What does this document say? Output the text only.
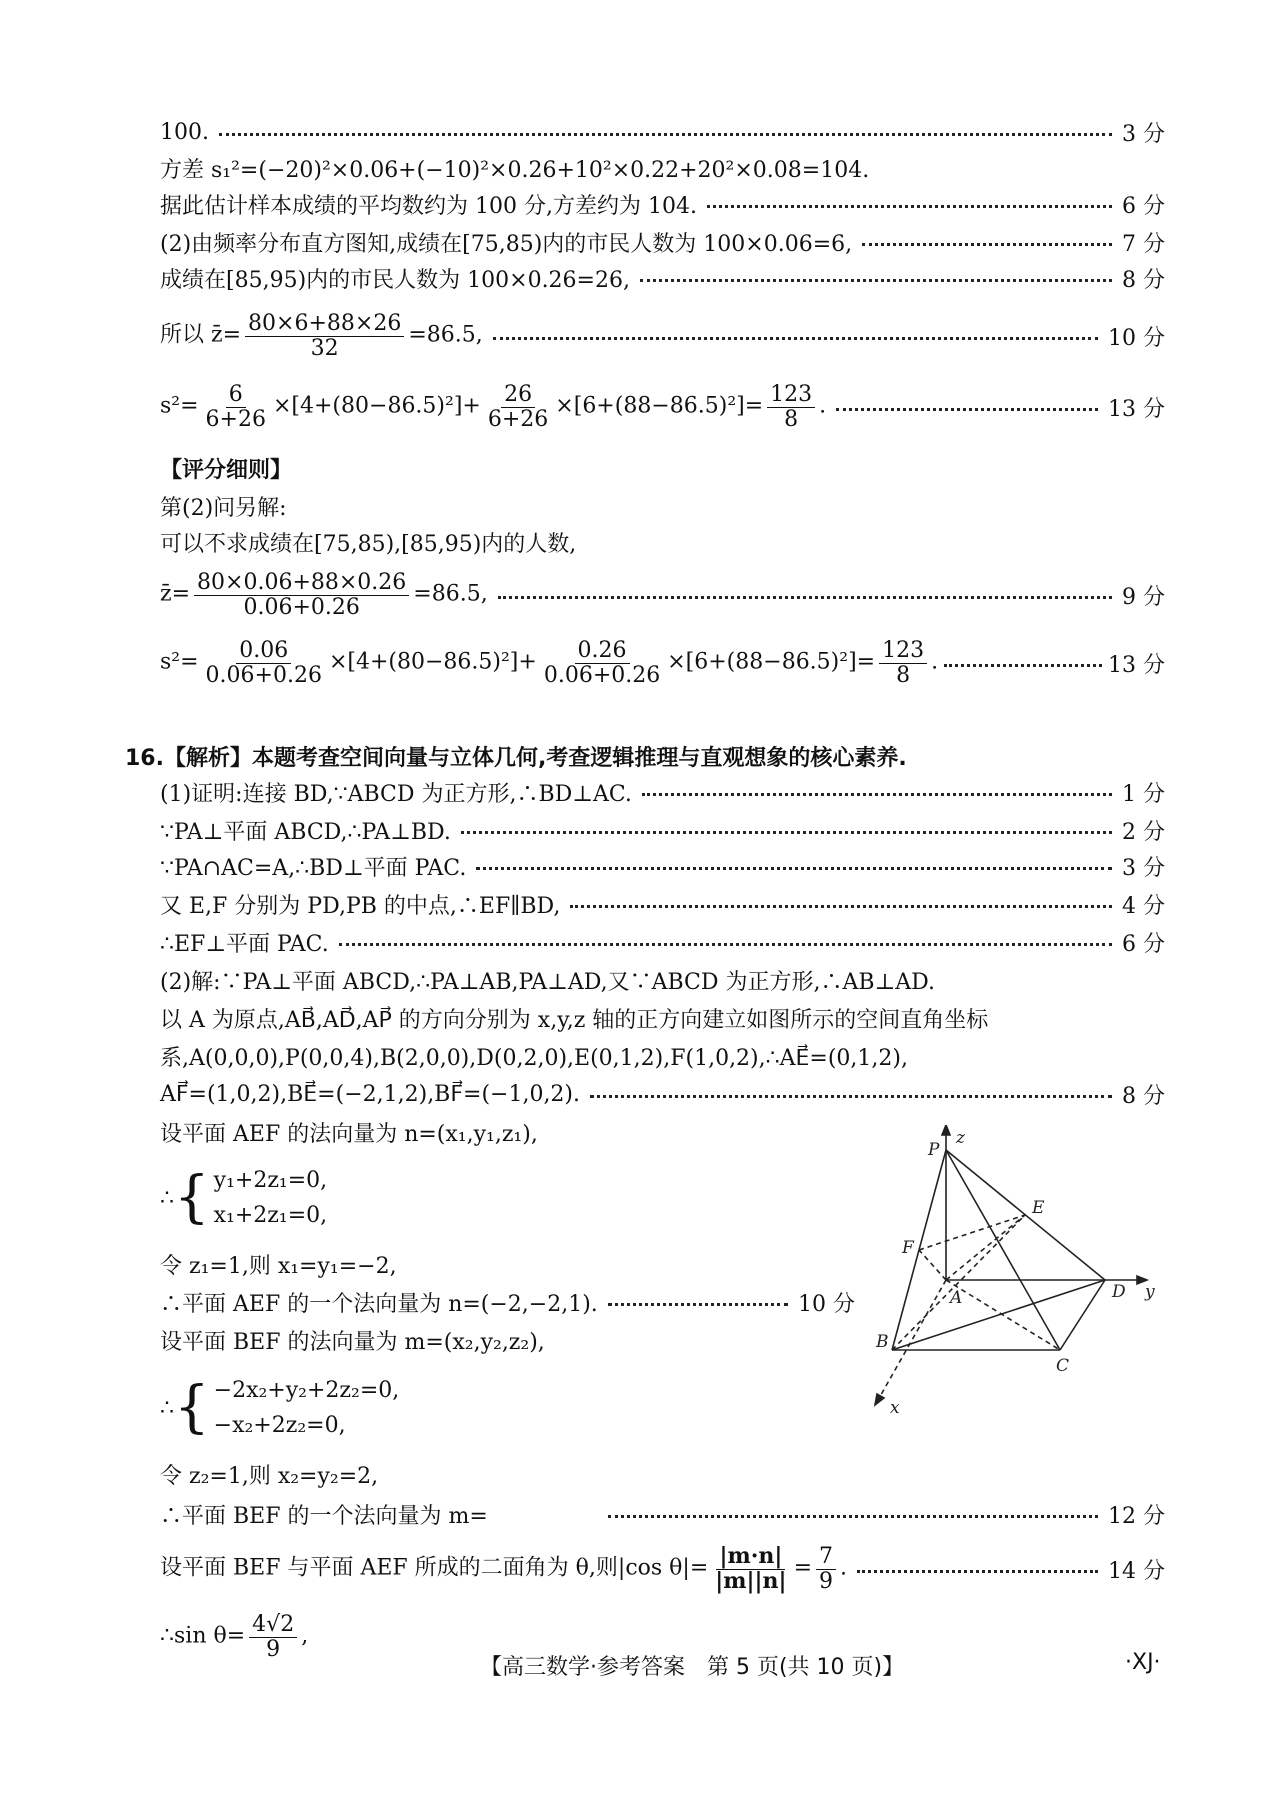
100.	3 分
方差 s₁²=(−20)²×0.06+(−10)²×0.26+10²×0.22+20²×0.08=104.
据此估计样本成绩的平均数约为 100 分,方差约为 104.	6 分
(2)由频率分布直方图知,成绩在[75,85)内的市民人数为 100×0.06=6,	7 分
成绩在[85,95)内的市民人数为 100×0.26=26,	8 分
所以 z̄= $\frac{80\times 6+88\times 26}{32} =86.5$,	10 分
$s^2= \frac{6}{6+26} \times[4+(80-86.5)^2]+ \frac{26}{6+26} \times[6+(88-86.5)^2]= \frac{123}{8}$ .	13 分
【评分细则】
第(2)问另解:
可以不求成绩在[75,85),[85,95)内的人数,
z̄= $\frac{80\times 0.06+88\times 0.26}{0.06+0.26} =86.5$,	9 分
$s^2= \frac{0.06}{0.06+0.26} \times[4+(80-86.5)^2]+ \frac{0.26}{0.06+0.26} \times[6+(88-86.5)^2]= \frac{123}{8}$ .	13 分
16.【解析】本题考查空间向量与立体几何,考查逻辑推理与直观想象的核心素养.
(1)证明:连接 BD,∵ABCD 为正方形,∴BD⊥AC.	1 分
∵PA⊥平面 ABCD,∴PA⊥BD.	2 分
∵PA∩AC=A,∴BD⊥平面 PAC.	3 分
又 E,F 分别为 PD,PB 的中点,∴EF∥BD,	4 分
∴EF⊥平面 PAC.	6 分
(2)解:∵PA⊥平面 ABCD,∴PA⊥AB,PA⊥AD,又∵ABCD 为正方形,∴AB⊥AD.
以 A 为原点,AB⃗,AD⃗,AP⃗ 的方向分别为 x,y,z 轴的正方向建立如图所示的空间直角坐标
系,A(0,0,0),P(0,0,4),B(2,0,0),D(0,2,0),E(0,1,2),F(1,0,2),∴AE⃗=(0,1,2),
AF⃗=(1,0,2),BE⃗=(−2,1,2),BF⃗=(−1,0,2).	8 分
设平面 AEF 的法向量为 n=(x₁,y₁,z₁),
∴ { y₁+2z₁=0,
x₁+2z₁=0,
令 z₁=1,则 x₁=y₁=−2,
∴平面 AEF 的一个法向量为 n=(−2,−2,1).	10 分
设平面 BEF 的法向量为 m=(x₂,y₂,z₂),
∴ { −2x₂+y₂+2z₂=0,
−x₂+2z₂=0,
令 z₂=1,则 x₂=y₂=2,
∴平面 BEF 的一个法向量为 m=	12 分
设平面 BEF 与平面 AEF 所成的二面角为 θ,则|cos $\theta|= \frac{|m\cdot n|}{|m||n|} = \frac{7}{9}$ .	14 分
∴sin $\theta= \frac{4√2}{9}$ ,
z
P
E
F
A	D y
B
C
x
【高三数学·参考答案　第 5 页(共 10 页)】	·XJ·
